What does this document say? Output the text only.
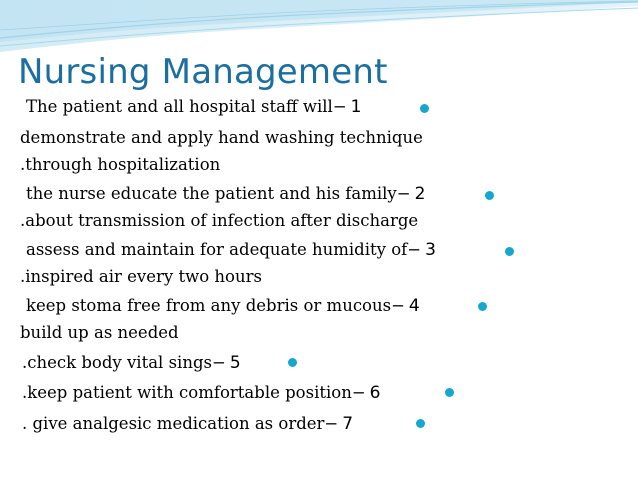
Nursing Management
The patient and all hospital staff will− 1
demonstrate and apply hand washing technique
.through hospitalization
the nurse educate the patient and his family− 2
.about transmission of infection after discharge
assess and maintain for adequate humidity of− 3
.inspired air every two hours
keep stoma free from any debris or mucous− 4
build up as needed
.check body vital sings− 5
.keep patient with comfortable position− 6
. give analgesic medication as order− 7
